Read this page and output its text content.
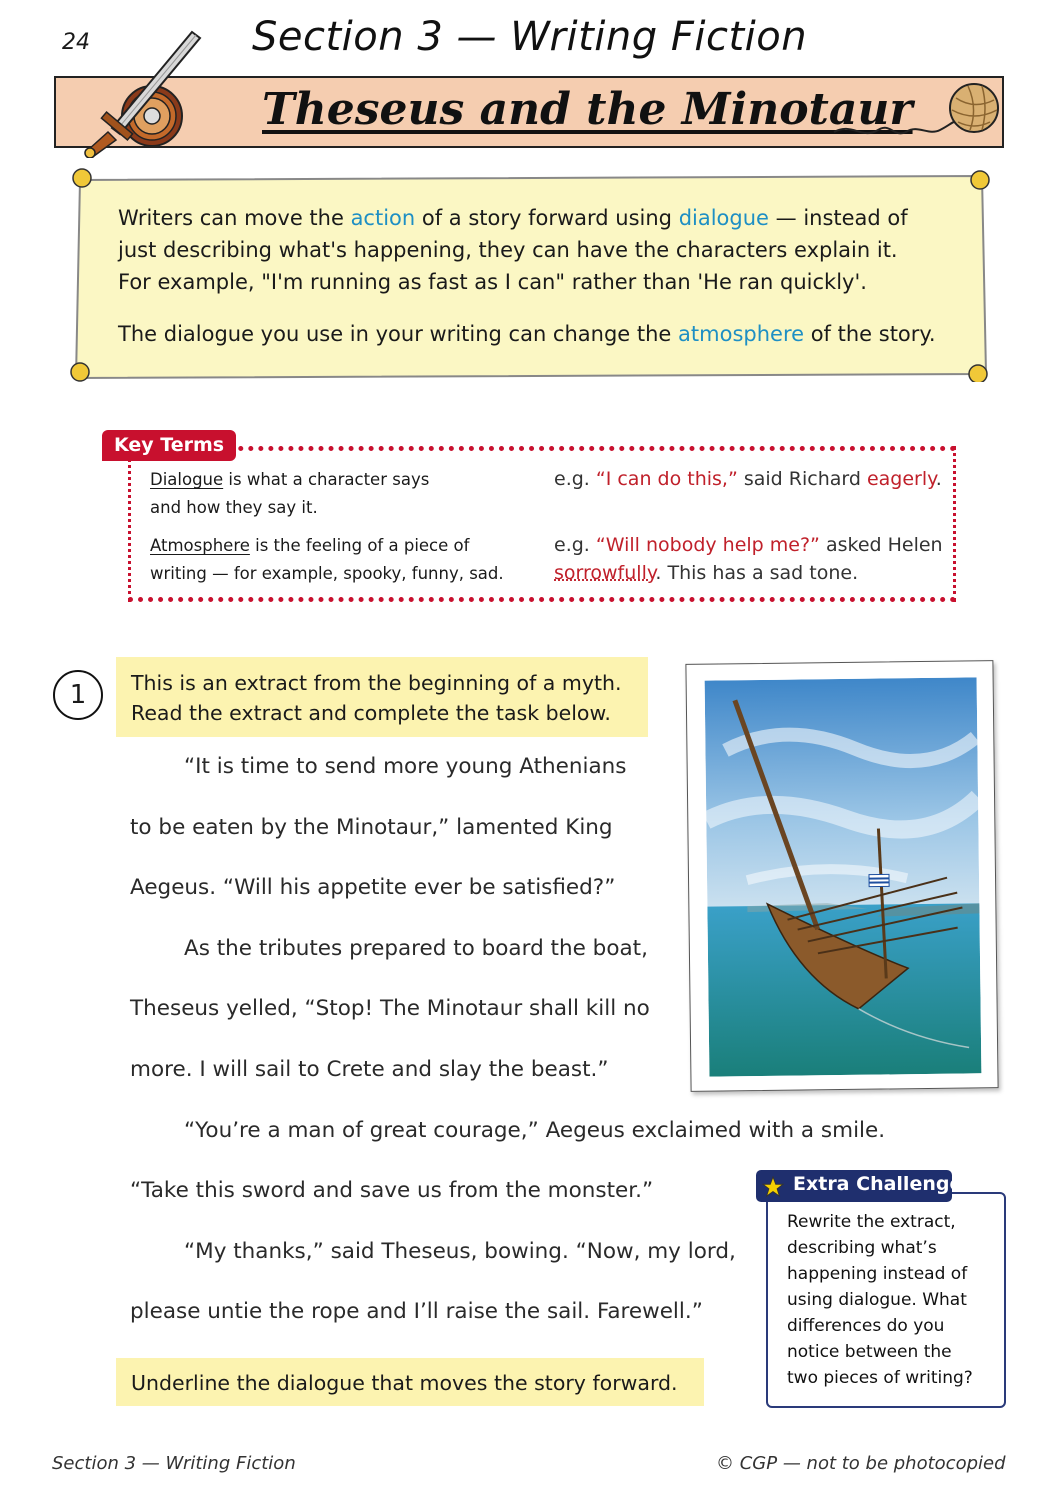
24	Section 3 — Writing Fiction
Theseus and the Minotaur
Writers can move the action of a story forward using dialogue — instead of
just describing what's happening, they can have the characters explain it.
For example, "I'm running as fast as I can" rather than 'He ran quickly'.
The dialogue you use in your writing can change the atmosphere of the story.
Key Terms
Dialogue is what a character says
and how they say it.
e.g. “I can do this,” said Richard eagerly.
Atmosphere is the feeling of a piece of
writing — for example, spooky, funny, sad.
e.g. “Will nobody help me?” asked Helen
sorrowfully. This has a sad tone.
1	This is an extract from the beginning of a myth.
Read the extract and complete the task below.
“It is time to send more young Athenians
to be eaten by the Minotaur,” lamented King
Aegeus. “Will his appetite ever be satisfied?”
As the tributes prepared to board the boat,
Theseus yelled, “Stop! The Minotaur shall kill no
more. I will sail to Crete and slay the beast.”
“You’re a man of great courage,” Aegeus exclaimed with a smile.
“Take this sword and save us from the monster.”
“My thanks,” said Theseus, bowing. “Now, my lord,
please untie the rope and I’ll raise the sail. Farewell.”
Underline the dialogue that moves the story forward.
Extra Challenge
Rewrite the extract,
describing what’s
happening instead of
using dialogue. What
differences do you
notice between the
two pieces of writing?
Section 3 — Writing Fiction	© CGP — not to be photocopied
